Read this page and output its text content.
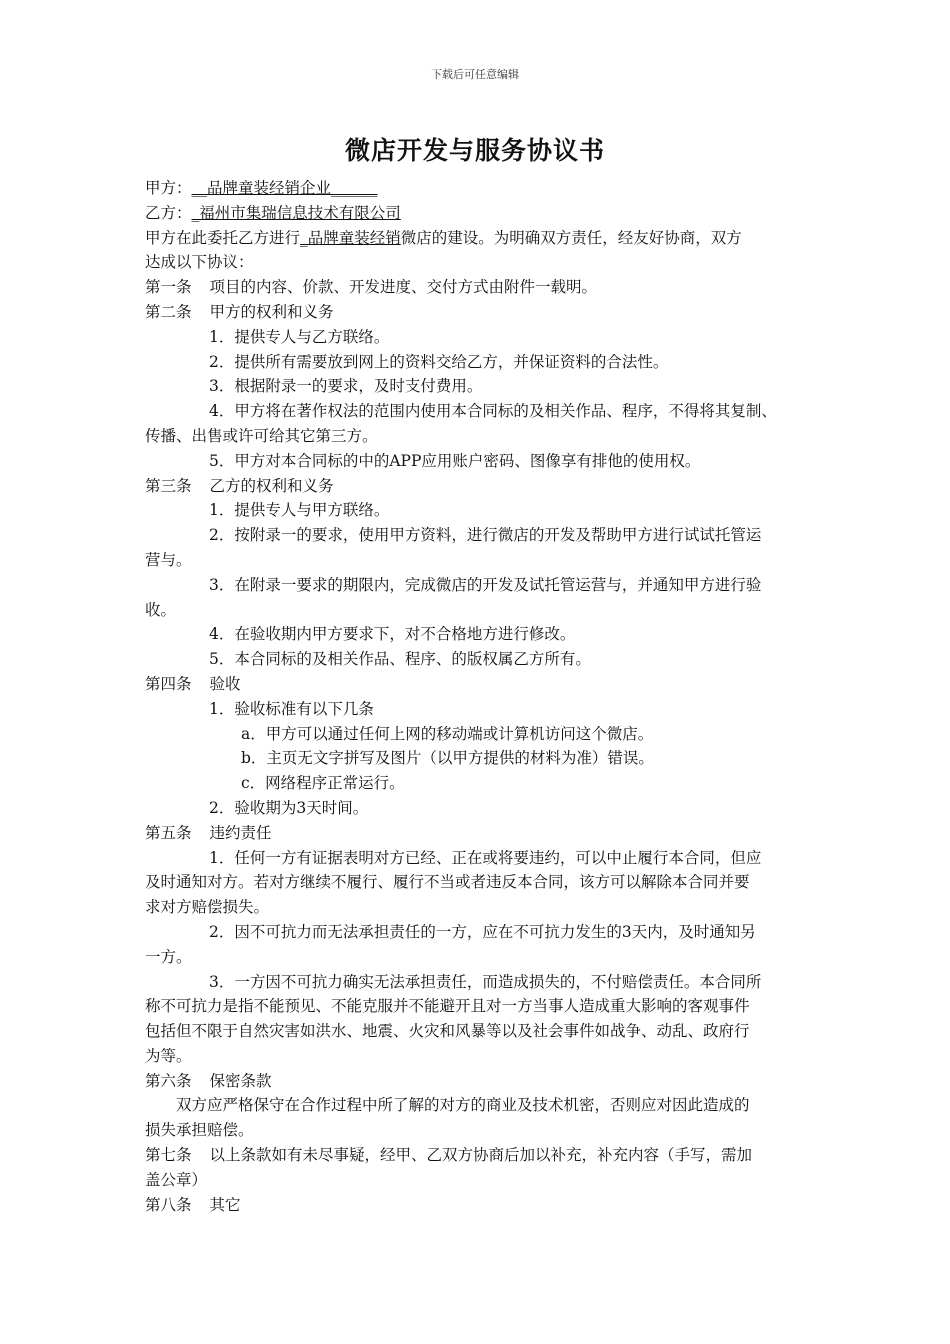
下载后可任意编辑
微店开发与服务协议书
甲方：__品牌童装经销企业______
乙方：_福州市集瑞信息技术有限公司
甲方在此委托乙方进行_品牌童装经销微店的建设。为明确双方责任，经友好协商，双方
达成以下协议：
第一条 项目的内容、价款、开发进度、交付方式由附件一载明。
第二条 甲方的权利和义务
1．提供专人与乙方联络。
2．提供所有需要放到网上的资料交给乙方，并保证资料的合法性。
3．根据附录一的要求，及时支付费用。
4．甲方将在著作权法的范围内使用本合同标的及相关作品、程序，不得将其复制、
传播、出售或许可给其它第三方。
5．甲方对本合同标的中的APP应用账户密码、图像享有排他的使用权。
第三条 乙方的权利和义务
1．提供专人与甲方联络。
2．按附录一的要求，使用甲方资料，进行微店的开发及帮助甲方进行试试托管运
营与。
3．在附录一要求的期限内，完成微店的开发及试托管运营与，并通知甲方进行验
收。
4．在验收期内甲方要求下，对不合格地方进行修改。
5．本合同标的及相关作品、程序、的版权属乙方所有。
第四条 验收
1．验收标准有以下几条
a．甲方可以通过任何上网的移动端或计算机访问这个微店。
b．主页无文字拼写及图片（以甲方提供的材料为准）错误。
c．网络程序正常运行。
2．验收期为3天时间。
第五条 违约责任
1．任何一方有证据表明对方已经、正在或将要违约，可以中止履行本合同，但应
及时通知对方。若对方继续不履行、履行不当或者违反本合同，该方可以解除本合同并要
求对方赔偿损失。
2．因不可抗力而无法承担责任的一方，应在不可抗力发生的3天内，及时通知另
一方。
3．一方因不可抗力确实无法承担责任，而造成损失的，不付赔偿责任。本合同所
称不可抗力是指不能预见、不能克服并不能避开且对一方当事人造成重大影响的客观事件
包括但不限于自然灾害如洪水、地震、火灾和风暴等以及社会事件如战争、动乱、政府行
为等。
第六条 保密条款
双方应严格保守在合作过程中所了解的对方的商业及技术机密，否则应对因此造成的
损失承担赔偿。
第七条 以上条款如有未尽事疑，经甲、乙双方协商后加以补充，补充内容（手写，需加
盖公章）
第八条 其它
